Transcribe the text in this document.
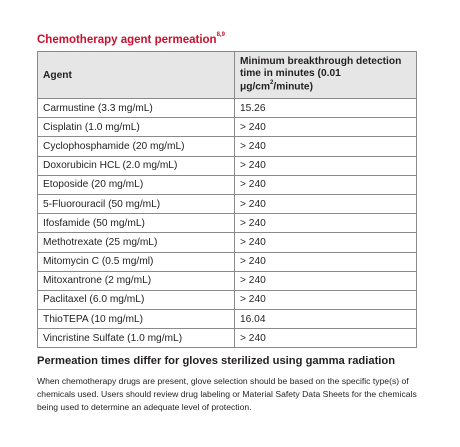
Chemotherapy agent permeation$^{8,9}$
Agent	Minimum breakthrough detection time in minutes (0.01 $\mu g/cm^2/minute$)
Carmustine (3.3 mg/mL)	15.26
Cisplatin (1.0 mg/mL)	> 240
Cyclophosphamide (20 mg/mL)	> 240
Doxorubicin HCL (2.0 mg/mL)	> 240
Etoposide (20 mg/mL)	> 240
5-Fluorouracil (50 mg/mL)	> 240
Ifosfamide (50 mg/mL)	> 240
Methotrexate (25 mg/mL)	> 240
Mitomycin C (0.5 mg/ml)	> 240
Mitoxantrone (2 mg/mL)	> 240
Paclitaxel (6.0 mg/mL)	> 240
ThioTEPA (10 mg/mL)	16.04
Vincristine Sulfate (1.0 mg/mL)	> 240
Permeation times differ for gloves sterilized using gamma radiation
When chemotherapy drugs are present, glove selection should be based on the specific type(s) of chemicals used. Users should review drug labeling or Material Safety Data Sheets for the chemicals being used to determine an adequate level of protection.
